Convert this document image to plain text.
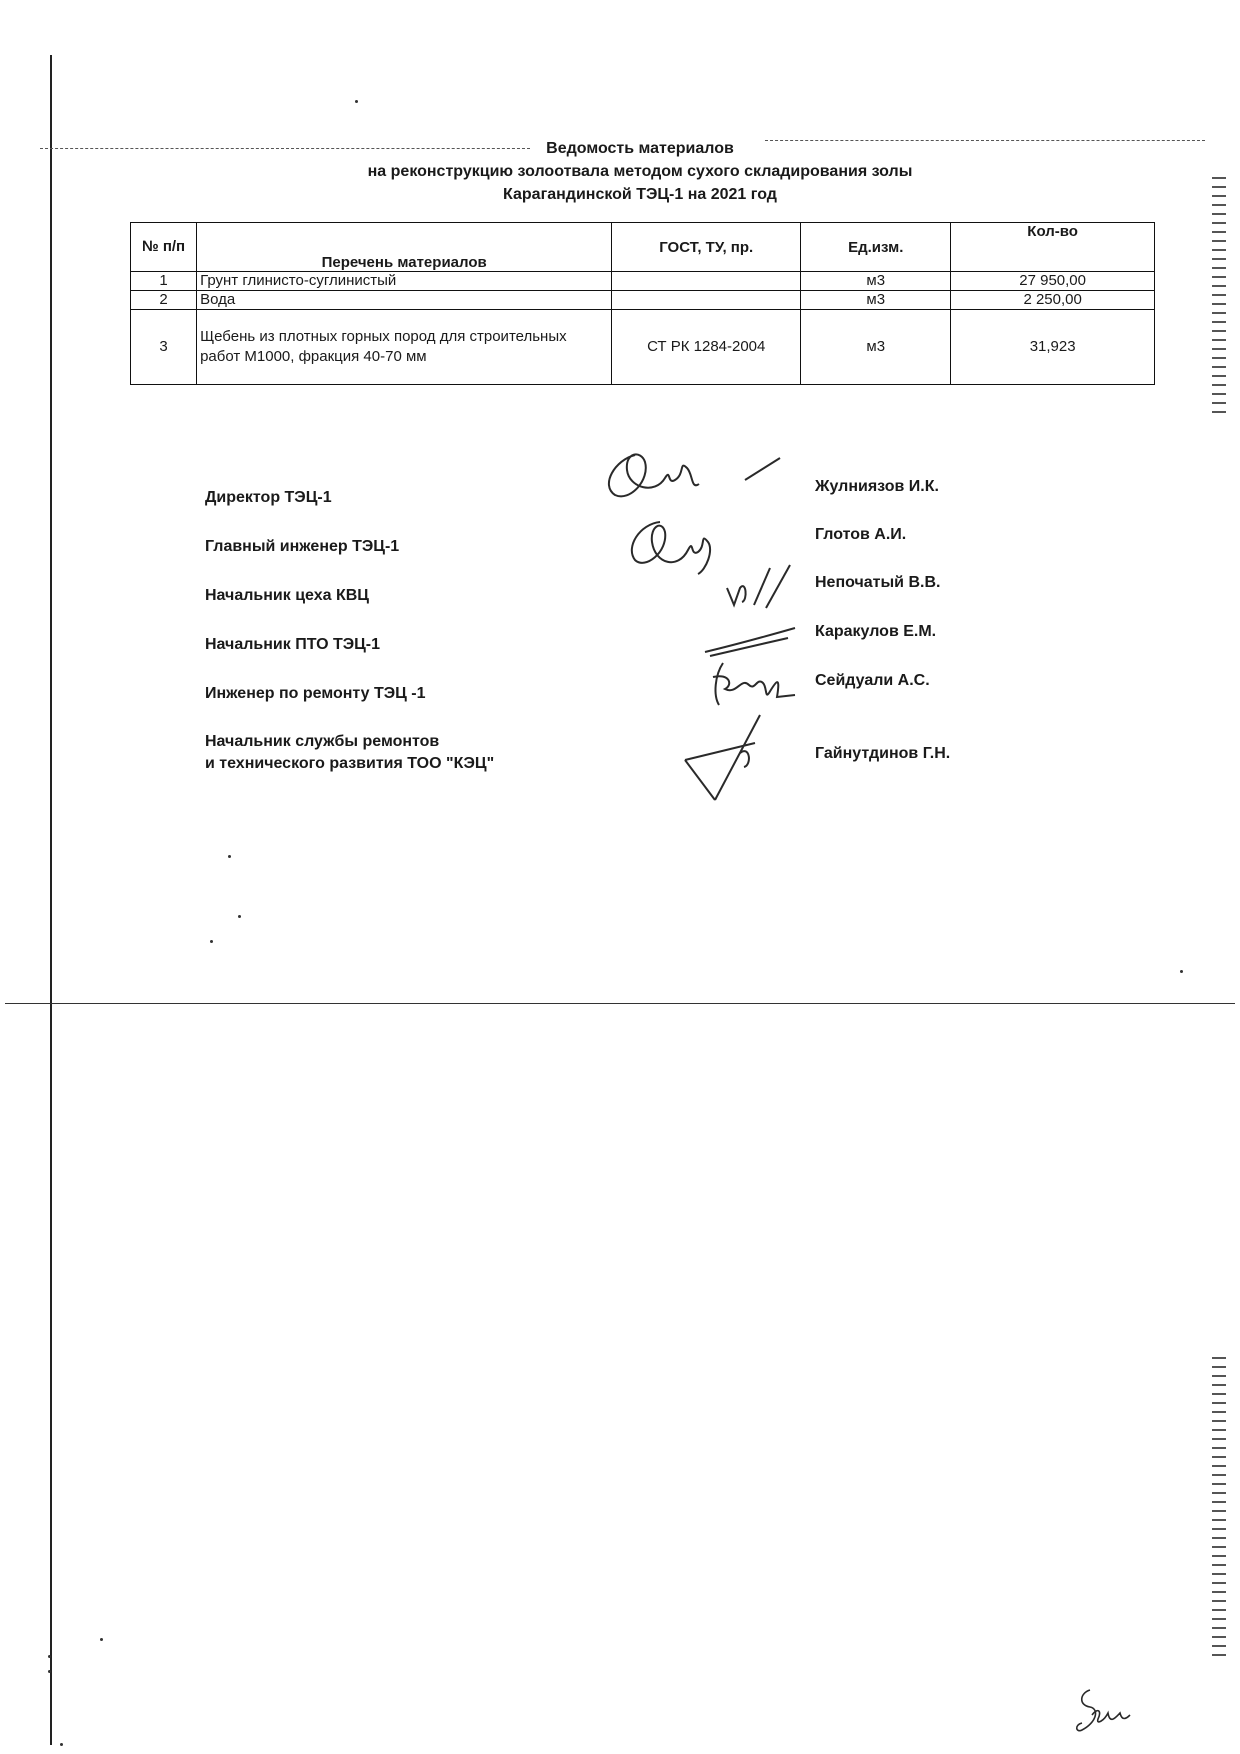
Ведомость материалов
на реконструкцию золоотвала методом сухого складирования золы
Карагандинской ТЭЦ-1 на 2021 год
№ п/п	Перечень материалов	ГОСТ, ТУ, пр.	Ед.изм.	Кол-во
1	Грунт глинисто-суглинистый		м3	27 950,00
2	Вода		м3	2 250,00
3	Щебень из плотных горных пород для строительных работ М1000, фракция 40-70 мм	СТ РК 1284-2004	м3	31,923
Директор ТЭЦ-1
Главный инженер ТЭЦ-1
Начальник цеха КВЦ
Начальник ПТО ТЭЦ-1
Инженер по ремонту ТЭЦ -1
Начальник службы ремонтов
и технического развития ТОО "КЭЦ"
Жулниязов И.К.
Глотов А.И.
Непочатый В.В.
Каракулов Е.М.
Сейдуали А.С.
Гайнутдинов Г.Н.
